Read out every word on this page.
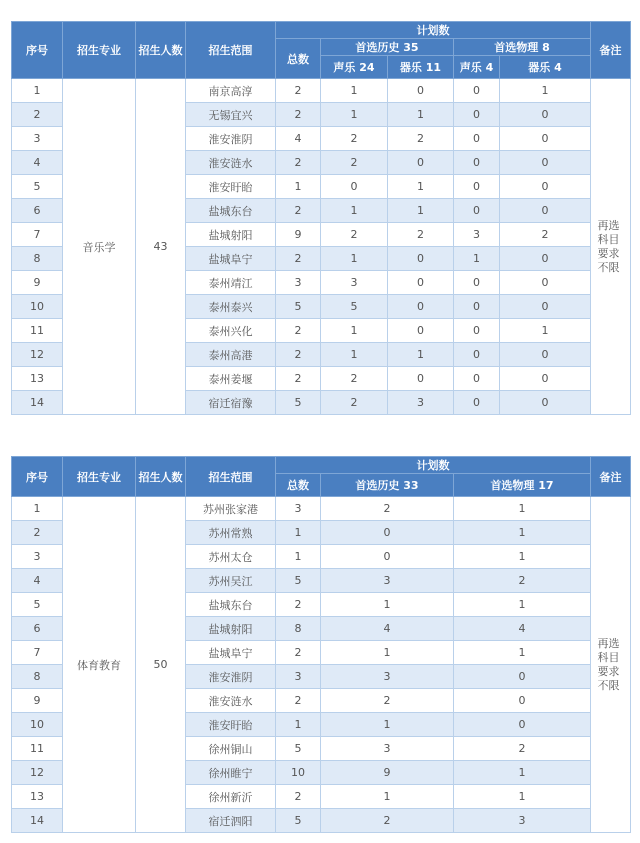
序号	招生专业	招生人数	招生范围	计划数					备注
				总数	首选历史 35		首选物理 8		
					声乐 24	器乐 11	声乐 4	器乐 4	
1	音乐学	43	南京高淳	2	1	0	0	1	再选科目要求不限
2			无锡宜兴	2	1	1	0	0	
3			淮安淮阴	4	2	2	0	0	
4			淮安涟水	2	2	0	0	0	
5			淮安盱眙	1	0	1	0	0	
6			盐城东台	2	1	1	0	0	
7			盐城射阳	9	2	2	3	2	
8			盐城阜宁	2	1	0	1	0	
9			泰州靖江	3	3	0	0	0	
10			泰州泰兴	5	5	0	0	0	
11			泰州兴化	2	1	0	0	1	
12			泰州高港	2	1	1	0	0	
13			泰州姜堰	2	2	0	0	0	
14			宿迁宿豫	5	2	3	0	0	
序号	招生专业	招生人数	招生范围	计划数			备注
				总数	首选历史 33	首选物理 17	
1	体育教育	50	苏州张家港	3	2	1	再选科目要求不限
2			苏州常熟	1	0	1	
3			苏州太仓	1	0	1	
4			苏州吴江	5	3	2	
5			盐城东台	2	1	1	
6			盐城射阳	8	4	4	
7			盐城阜宁	2	1	1	
8			淮安淮阴	3	3	0	
9			淮安涟水	2	2	0	
10			淮安盱眙	1	1	0	
11			徐州铜山	5	3	2	
12			徐州睢宁	10	9	1	
13			徐州新沂	2	1	1	
14			宿迁泗阳	5	2	3	
